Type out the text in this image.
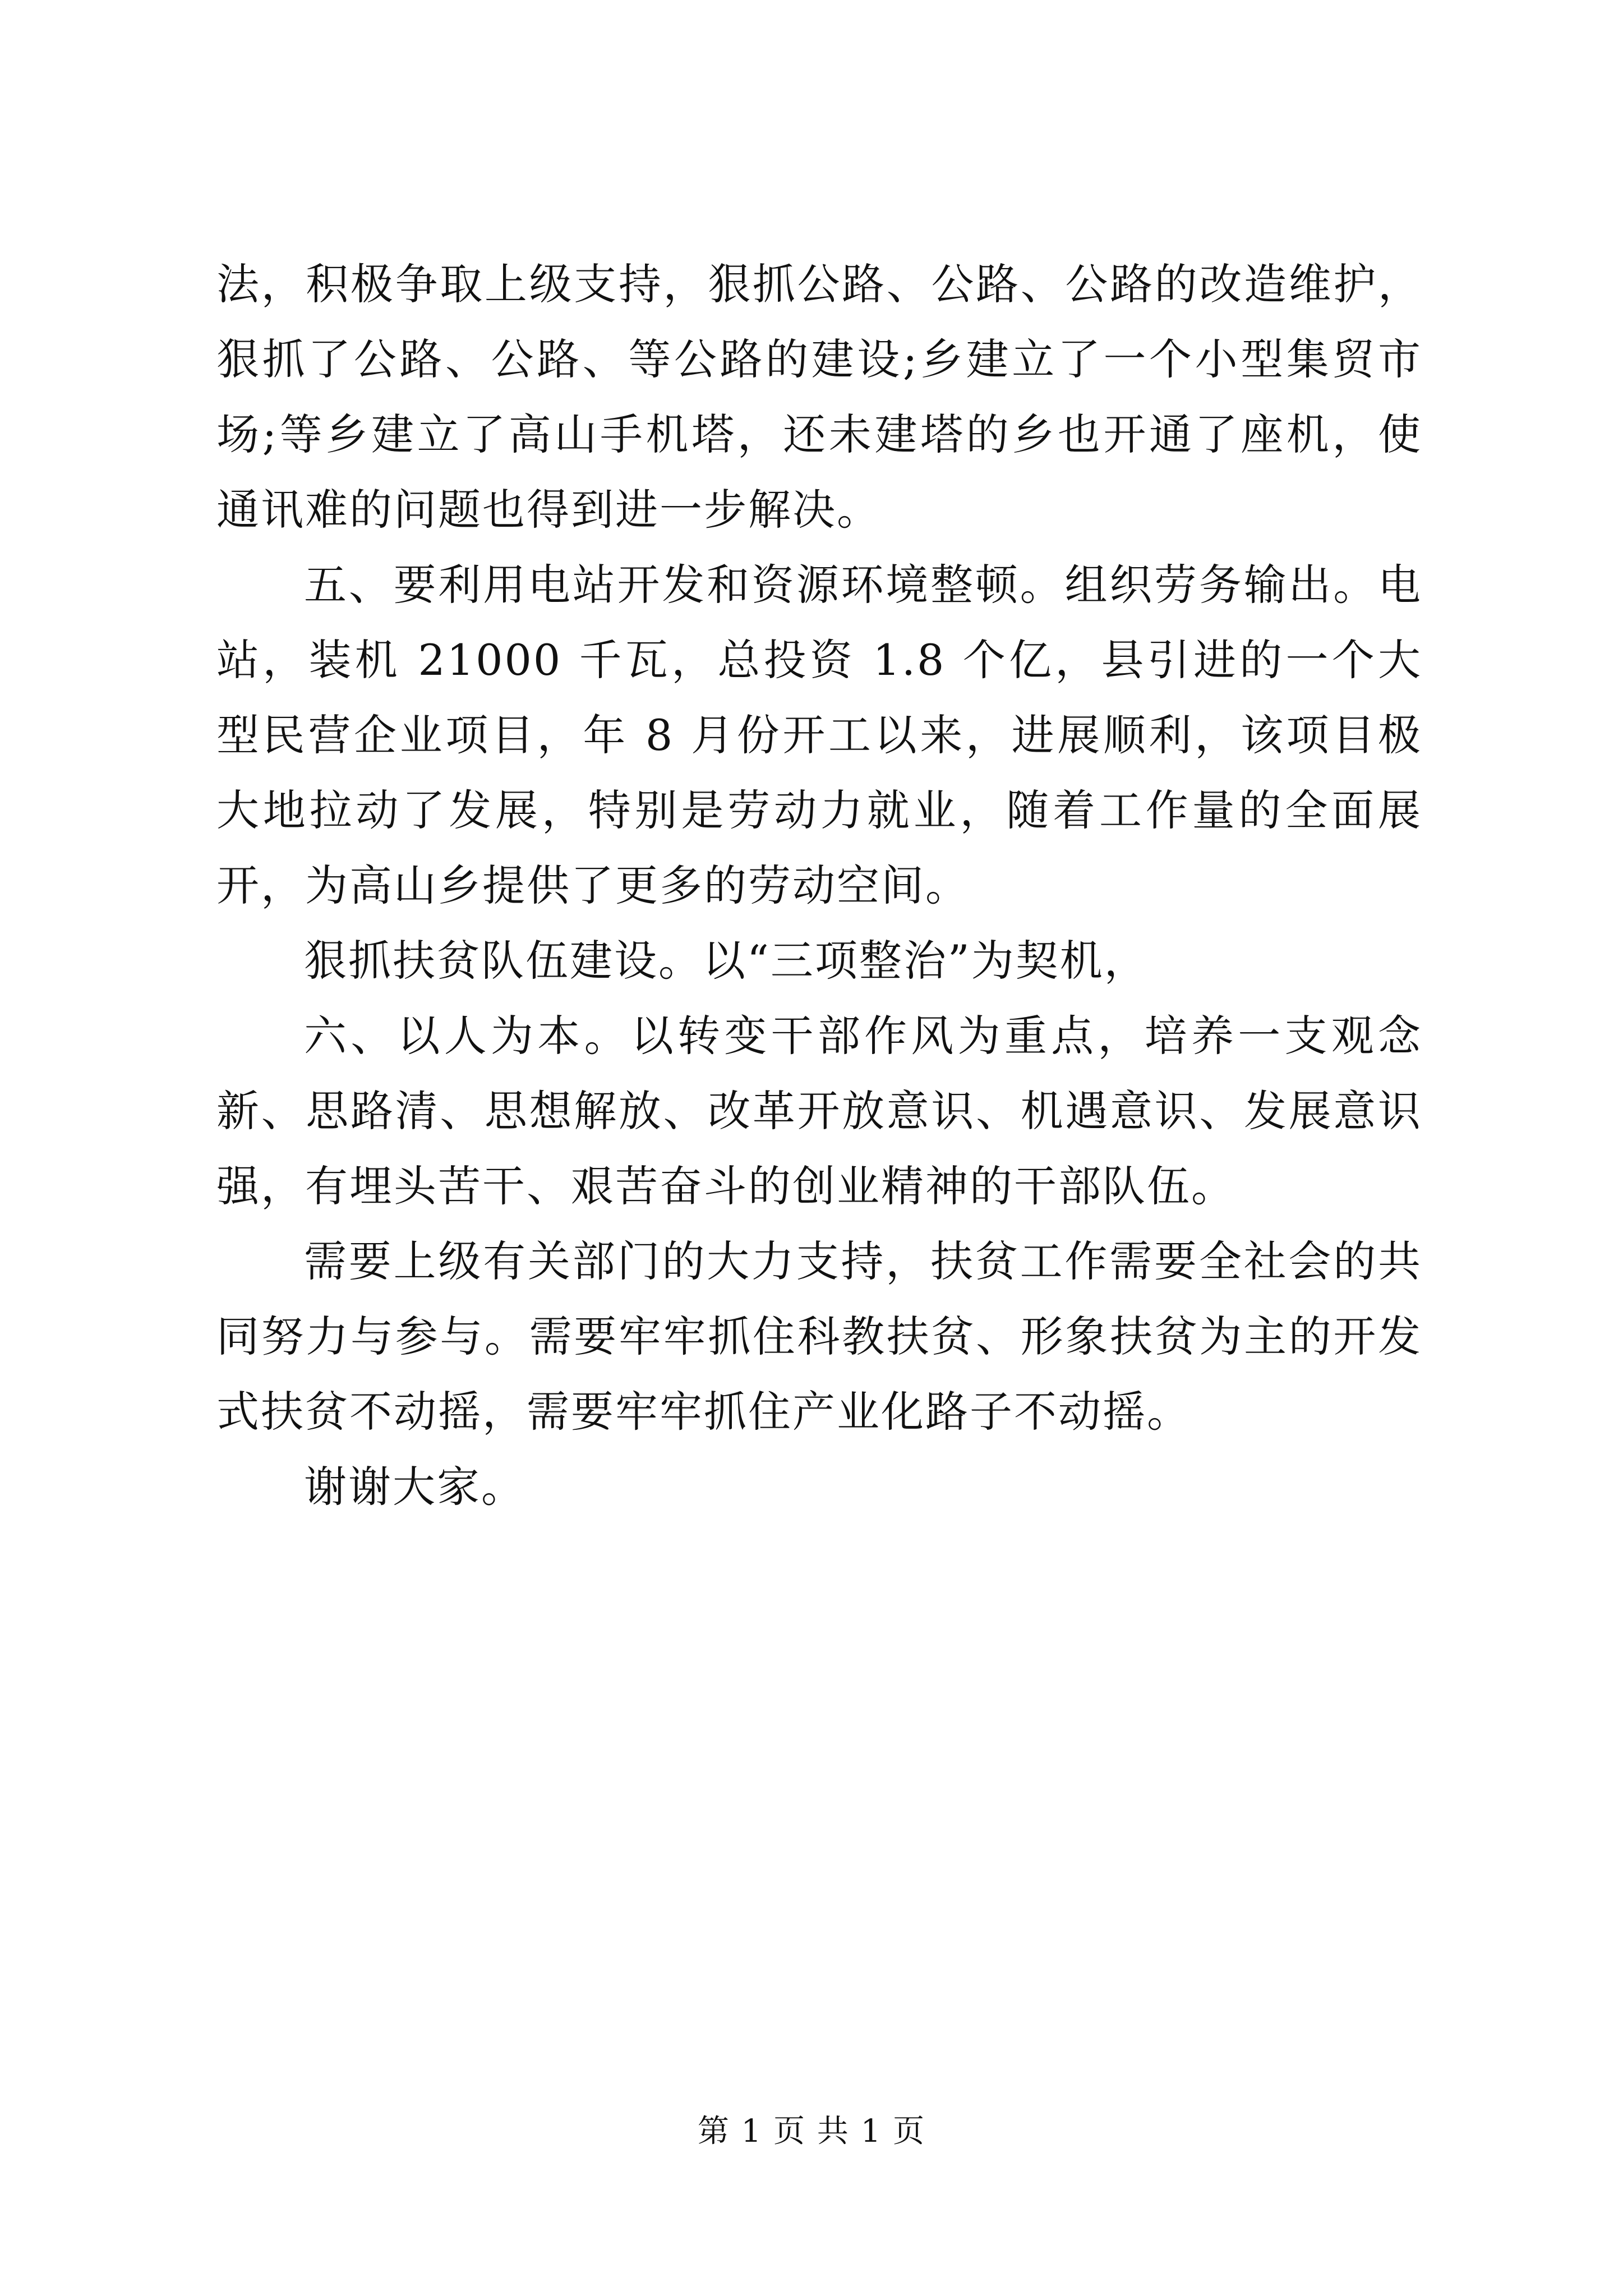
法，积极争取上级支持，狠抓公路、公路、公路的改造维护，狠抓了公路、公路、等公路的建设;乡建立了一个小型集贸市场;等乡建立了高山手机塔，还未建塔的乡也开通了座机，使通讯难的问题也得到进一步解决。

五、要利用电站开发和资源环境整顿。组织劳务输出。电站，装机 21000 千瓦，总投资 1.8 个亿，县引进的一个大型民营企业项目，年 8 月份开工以来，进展顺利，该项目极大地拉动了发展，特别是劳动力就业，随着工作量的全面展开，为高山乡提供了更多的劳动空间。

狠抓扶贫队伍建设。以“三项整治”为契机，

六、以人为本。以转变干部作风为重点，培养一支观念新、思路清、思想解放、改革开放意识、机遇意识、发展意识强，有埋头苦干、艰苦奋斗的创业精神的干部队伍。

需要上级有关部门的大力支持，扶贫工作需要全社会的共同努力与参与。需要牢牢抓住科教扶贫、形象扶贫为主的开发式扶贫不动摇，需要牢牢抓住产业化路子不动摇。

谢谢大家。

第 1 页 共 1 页
